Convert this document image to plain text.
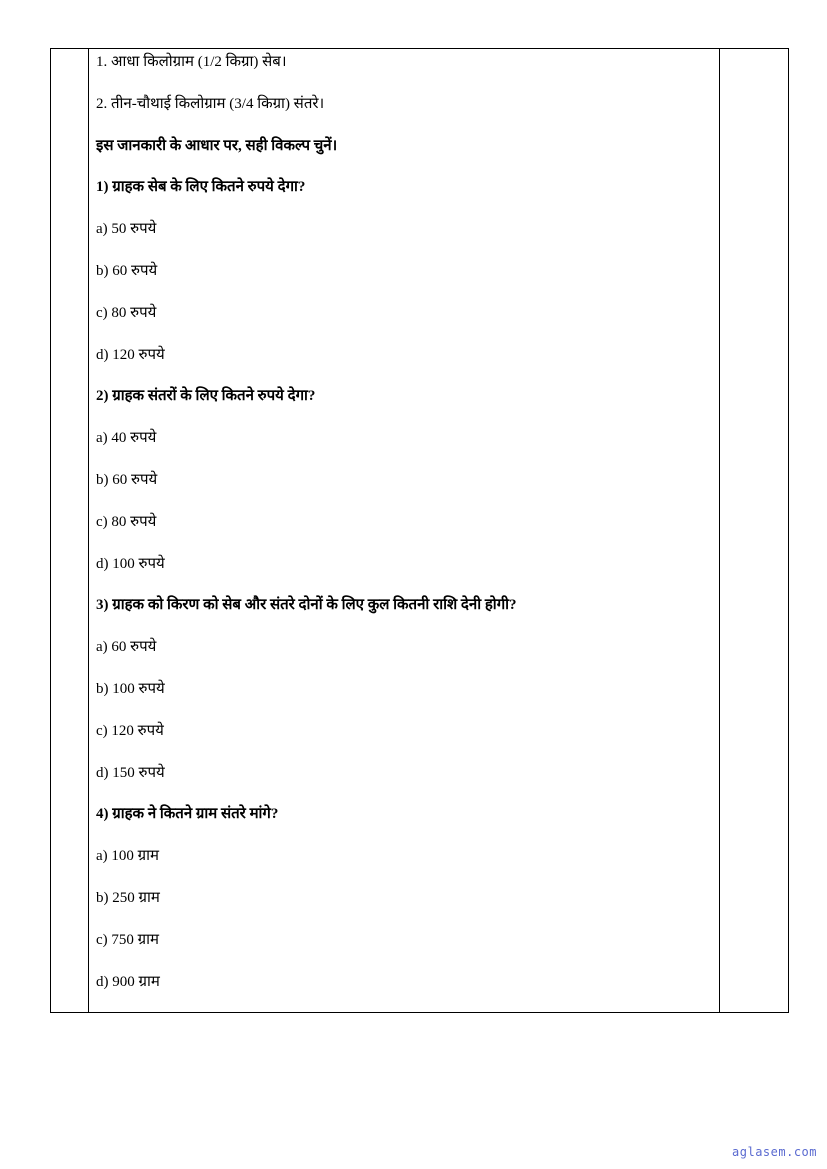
1. आधा किलोग्राम (1/2 किग्रा) सेब।
2. तीन-चौथाई किलोग्राम (3/4 किग्रा) संतरे।
इस जानकारी के आधार पर, सही विकल्प चुनें।
1) ग्राहक सेब के लिए कितने रुपये देगा?
a) 50 रुपये
b) 60 रुपये
c) 80 रुपये
d) 120 रुपये
2) ग्राहक संतरों के लिए कितने रुपये देगा?
a) 40 रुपये
b) 60 रुपये
c) 80 रुपये
d) 100 रुपये
3) ग्राहक को किरण को सेब और संतरे दोनों के लिए कुल कितनी राशि देनी होगी?
a) 60 रुपये
b) 100 रुपये
c) 120 रुपये
d) 150 रुपये
4) ग्राहक ने कितने ग्राम संतरे मांगे?
a) 100 ग्राम
b) 250 ग्राम
c) 750 ग्राम
d) 900 ग्राम
aglasem.com
